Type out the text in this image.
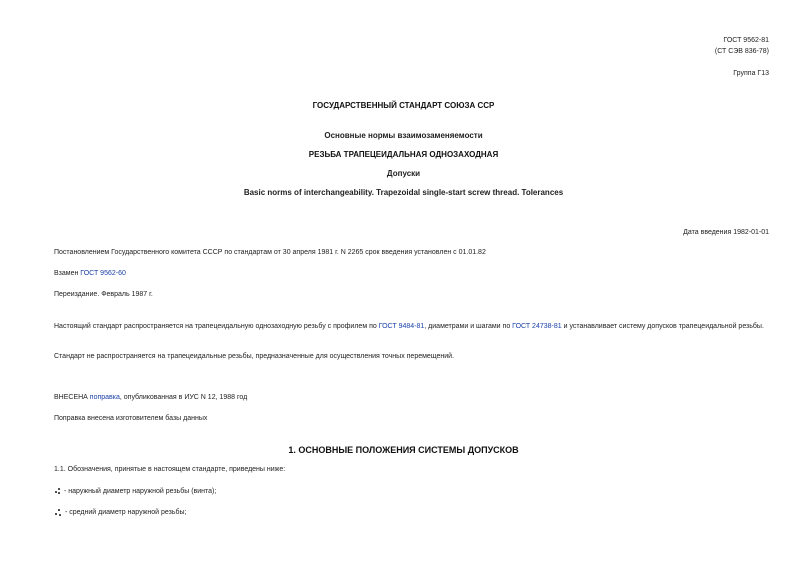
ГОСТ 9562-81
(СТ СЭВ 836-78)
Группа Г13
ГОСУДАРСТВЕННЫЙ СТАНДАРТ СОЮЗА ССР
Основные нормы взаимозаменяемости
РЕЗЬБА ТРАПЕЦЕИДАЛЬНАЯ ОДНОЗАХОДНАЯ
Допуски
Basic norms of interchangeability. Trapezoidal single-start screw thread. Tolerances
Дата введения 1982-01-01
Постановлением Государственного комитета СССР по стандартам от 30 апреля 1981 г. N 2265 срок введения установлен с 01.01.82
Взамен ГОСТ 9562-60
Переиздание. Февраль 1987 г.
Настоящий стандарт распространяется на трапецеидальную однозаходную резьбу с профилем по ГОСТ 9484-81, диаметрами и шагами по ГОСТ 24738-81 и устанавливает систему допусков трапецеидальной резьбы.
Стандарт не распространяется на трапецеидальные резьбы, предназначенные для осуществления точных перемещений.
ВНЕСЕНА поправка, опубликованная в ИУС N 12, 1988 год
Поправка внесена изготовителем базы данных
1. ОСНОВНЫЕ ПОЛОЖЕНИЯ СИСТЕМЫ ДОПУСКОВ
1.1. Обозначения, принятые в настоящем стандарте, приведены ниже:
- наружный диаметр наружной резьбы (винта);
- средний диаметр наружной резьбы;
